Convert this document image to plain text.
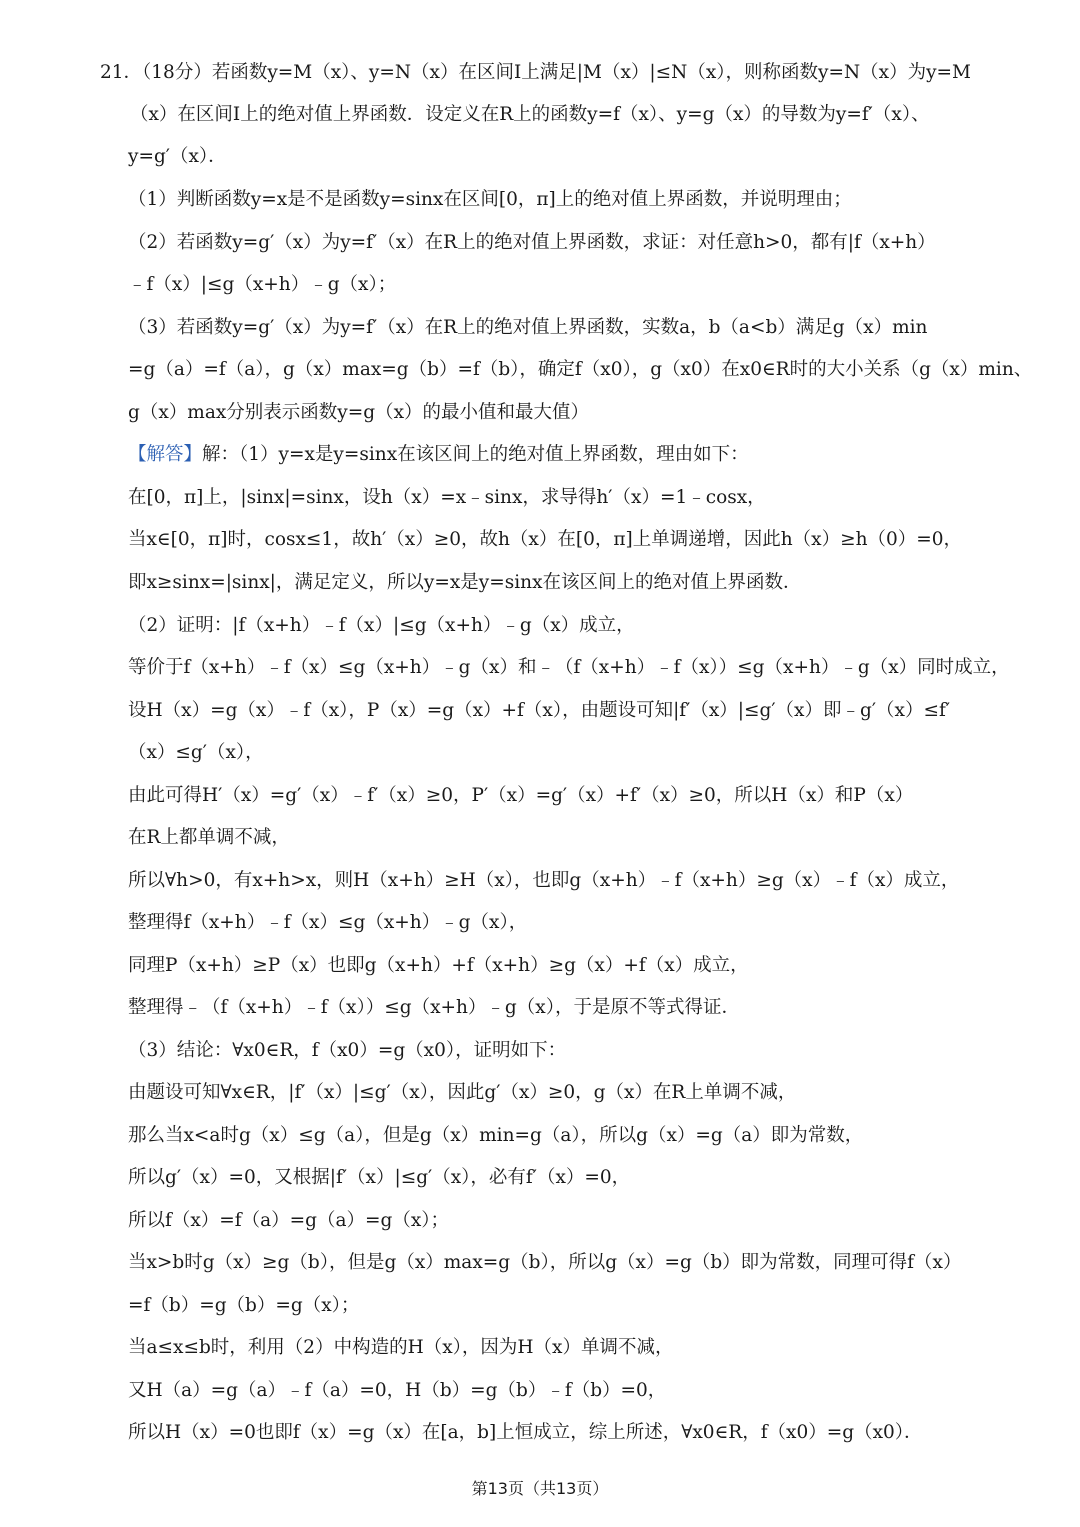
21．（18分）若函数y=M（x）、y=N（x）在区间I上满足|M（x）|≤N（x），则称函数y=N（x）为y=M
（x）在区间I上的绝对值上界函数．设定义在R上的函数y=f（x）、y=g（x）的导数为y=f′（x）、
y=g′（x）．
（1）判断函数y=x是不是函数y=sinx在区间[0，π]上的绝对值上界函数，并说明理由；
（2）若函数y=g′（x）为y=f′（x）在R上的绝对值上界函数，求证：对任意h>0，都有|f（x+h）
﹣f（x）|≤g（x+h）﹣g（x）；
（3）若函数y=g′（x）为y=f′（x）在R上的绝对值上界函数，实数a，b（a<b）满足g（x）min
=g（a）=f（a），g（x）max=g（b）=f（b），确定f（x0），g（x0）在x0∈R时的大小关系（g（x）min、
g（x）max分别表示函数y=g（x）的最小值和最大值）
【解答】解：（1）y=x是y=sinx在该区间上的绝对值上界函数，理由如下：
在[0，π]上，|sinx|=sinx，设h（x）=x﹣sinx，求导得h′（x）=1﹣cosx，
当x∈[0，π]时，cosx≤1，故h′（x）≥0，故h（x）在[0，π]上单调递增，因此h（x）≥h（0）=0，
即x≥sinx=|sinx|，满足定义，所以y=x是y=sinx在该区间上的绝对值上界函数．
（2）证明：|f（x+h）﹣f（x）|≤g（x+h）﹣g（x）成立，
等价于f（x+h）﹣f（x）≤g（x+h）﹣g（x）和﹣（f（x+h）﹣f（x））≤g（x+h）﹣g（x）同时成立，
设H（x）=g（x）﹣f（x），P（x）=g（x）+f（x），由题设可知|f′（x）|≤g′（x）即﹣g′（x）≤f′
（x）≤g′（x），
由此可得H′（x）=g′（x）﹣f′（x）≥0，P′（x）=g′（x）+f′（x）≥0，所以H（x）和P（x）
在R上都单调不减，
所以∀h>0，有x+h>x，则H（x+h）≥H（x），也即g（x+h）﹣f（x+h）≥g（x）﹣f（x）成立，
整理得f（x+h）﹣f（x）≤g（x+h）﹣g（x），
同理P（x+h）≥P（x）也即g（x+h）+f（x+h）≥g（x）+f（x）成立，
整理得﹣（f（x+h）﹣f（x））≤g（x+h）﹣g（x），于是原不等式得证．
（3）结论：∀x0∈R，f（x0）=g（x0），证明如下：
由题设可知∀x∈R，|f′（x）|≤g′（x），因此g′（x）≥0，g（x）在R上单调不减，
那么当x<a时g（x）≤g（a），但是g（x）min=g（a），所以g（x）=g（a）即为常数，
所以g′（x）=0，又根据|f′（x）|≤g′（x），必有f′（x）=0，
所以f（x）=f（a）=g（a）=g（x）；
当x>b时g（x）≥g（b），但是g（x）max=g（b），所以g（x）=g（b）即为常数，同理可得f（x）
=f（b）=g（b）=g（x）；
当a≤x≤b时，利用（2）中构造的H（x），因为H（x）单调不减，
又H（a）=g（a）﹣f（a）=0，H（b）=g（b）﹣f（b）=0，
所以H（x）=0也即f（x）=g（x）在[a，b]上恒成立，综上所述，∀x0∈R，f（x0）=g（x0）．
第13页（共13页）
